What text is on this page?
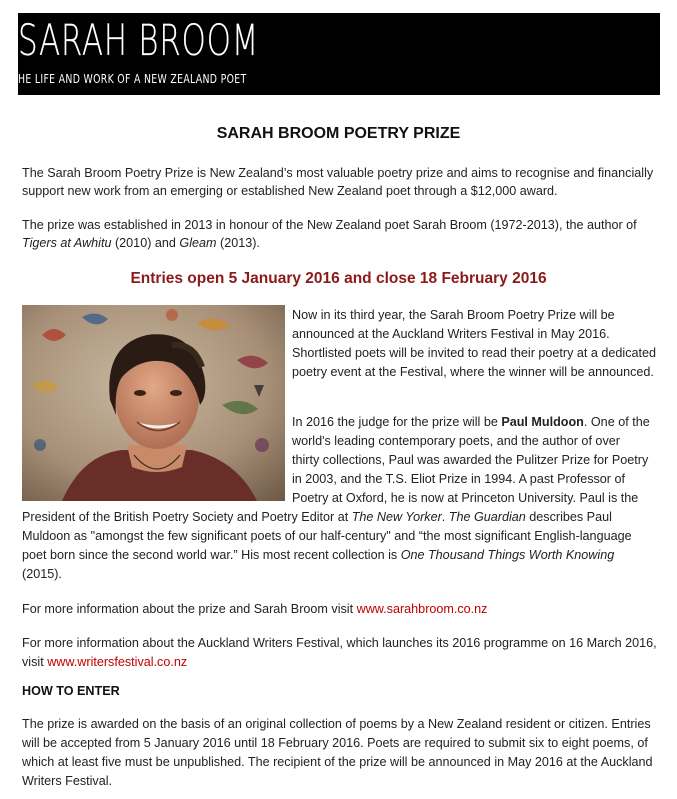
SARAH BROOM
HE LIFE AND WORK OF A NEW ZEALAND POET
SARAH BROOM POETRY PRIZE
The Sarah Broom Poetry Prize is New Zealand’s most valuable poetry prize and aims to recognise and financially support new work from an emerging or established New Zealand poet through a $12,000 award.
The prize was established in 2013 in honour of the New Zealand poet Sarah Broom (1972-2013), the author of Tigers at Awhitu (2010) and Gleam (2013).
Entries open 5 January 2016 and close 18 February 2016
Now in its third year, the Sarah Broom Poetry Prize will be announced at the Auckland Writers Festival in May 2016. Shortlisted poets will be invited to read their poetry at a dedicated poetry event at the Festival, where the winner will be announced.
In 2016 the judge for the prize will be Paul Muldoon. One of the
world's leading contemporary poets, and the author of over
thirty collections, Paul was awarded the Pulitzer Prize for Poetry
in 2003, and the T.S. Eliot Prize in 1994. A past Professor of
Poetry at Oxford, he is now at Princeton University. Paul is the
President of the British Poetry Society and Poetry Editor at The New Yorker. The Guardian describes Paul
Muldoon as "amongst the few significant poets of our half-century" and “the most significant English-language
poet born since the second world war.” His most recent collection is One Thousand Things Worth Knowing
(2015).
For more information about the prize and Sarah Broom visit www.sarahbroom.co.nz
For more information about the Auckland Writers Festival, which launches its 2016 programme on 16 March 2016, visit www.writersfestival.co.nz
HOW TO ENTER
The prize is awarded on the basis of an original collection of poems by a New Zealand resident or citizen. Entries will be accepted from 5 January 2016 until 18 February 2016. Poets are required to submit six to eight poems, of which at least five must be unpublished. The recipient of the prize will be announced in May 2016 at the Auckland Writers Festival.
